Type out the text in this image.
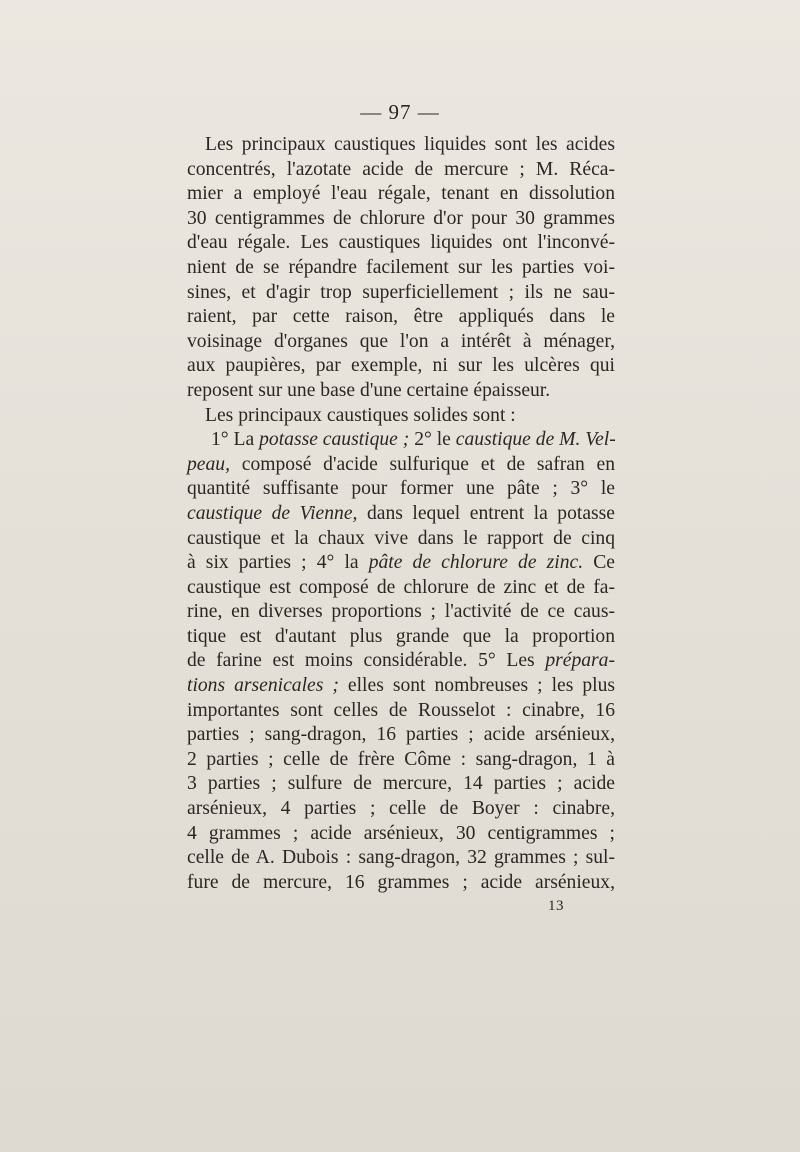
— 97 —
Les principaux caustiques liquides sont les acides
concentrés, l'azotate acide de mercure ; M. Réca-
mier a employé l'eau régale, tenant en dissolution
30 centigrammes de chlorure d'or pour 30 grammes
d'eau régale. Les caustiques liquides ont l'inconvé-
nient de se répandre facilement sur les parties voi-
sines, et d'agir trop superficiellement ; ils ne sau-
raient, par cette raison, être appliqués dans le
voisinage d'organes que l'on a intérêt à ménager,
aux paupières, par exemple, ni sur les ulcères qui
reposent sur une base d'une certaine épaisseur.
Les principaux caustiques solides sont :
1° La potasse caustique ; 2° le caustique de M. Vel-
peau, composé d'acide sulfurique et de safran en
quantité suffisante pour former une pâte ; 3° le
caustique de Vienne, dans lequel entrent la potasse
caustique et la chaux vive dans le rapport de cinq
à six parties ; 4° la pâte de chlorure de zinc. Ce
caustique est composé de chlorure de zinc et de fa-
rine, en diverses proportions ; l'activité de ce caus-
tique est d'autant plus grande que la proportion
de farine est moins considérable. 5° Les prépara-
tions arsenicales ; elles sont nombreuses ; les plus
importantes sont celles de Rousselot : cinabre, 16
parties ; sang-dragon, 16 parties ; acide arsénieux,
2 parties ; celle de frère Côme : sang-dragon, 1 à
3 parties ; sulfure de mercure, 14 parties ; acide
arsénieux, 4 parties ; celle de Boyer : cinabre,
4 grammes ; acide arsénieux, 30 centigrammes ;
celle de A. Dubois : sang-dragon, 32 grammes ; sul-
fure de mercure, 16 grammes ; acide arsénieux,
13
